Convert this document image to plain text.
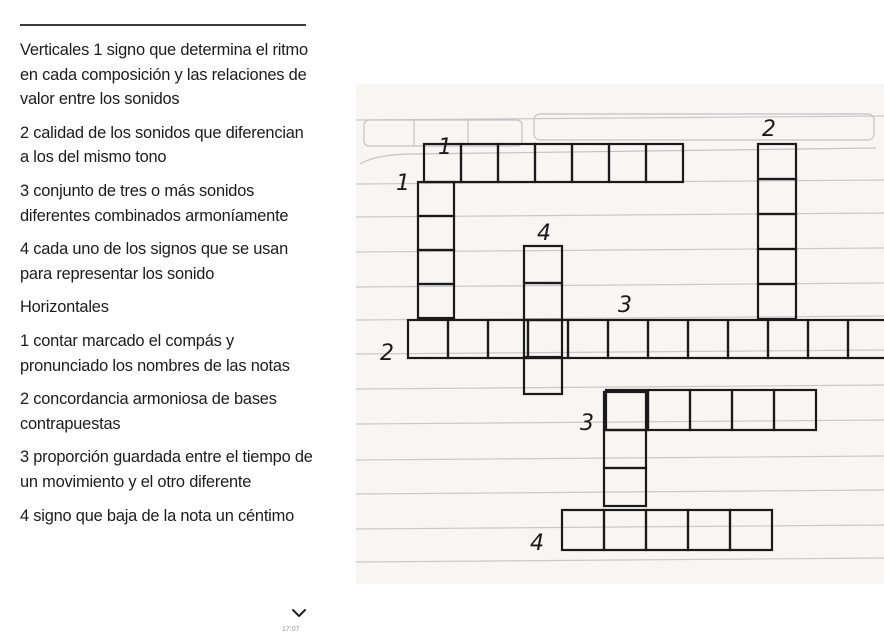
Verticales 1 signo que determina el ritmo en cada composición y las relaciones de valor entre los sonidos
2 calidad de los sonidos que diferencian a los del mismo tono
3 conjunto de tres o más sonidos diferentes combinados armoníamente
4 cada uno de los signos que se usan para representar los sonido
Horizontales
1 contar marcado el compás y pronunciado los nombres de las notas
2 concordancia armoniosa de bases contrapuestas
3 proporción guardada entre el tiempo de un movimiento y el otro diferente
4 signo que baja de la nota un céntimo
17:07
1
2
4
3
1
2
3
4
